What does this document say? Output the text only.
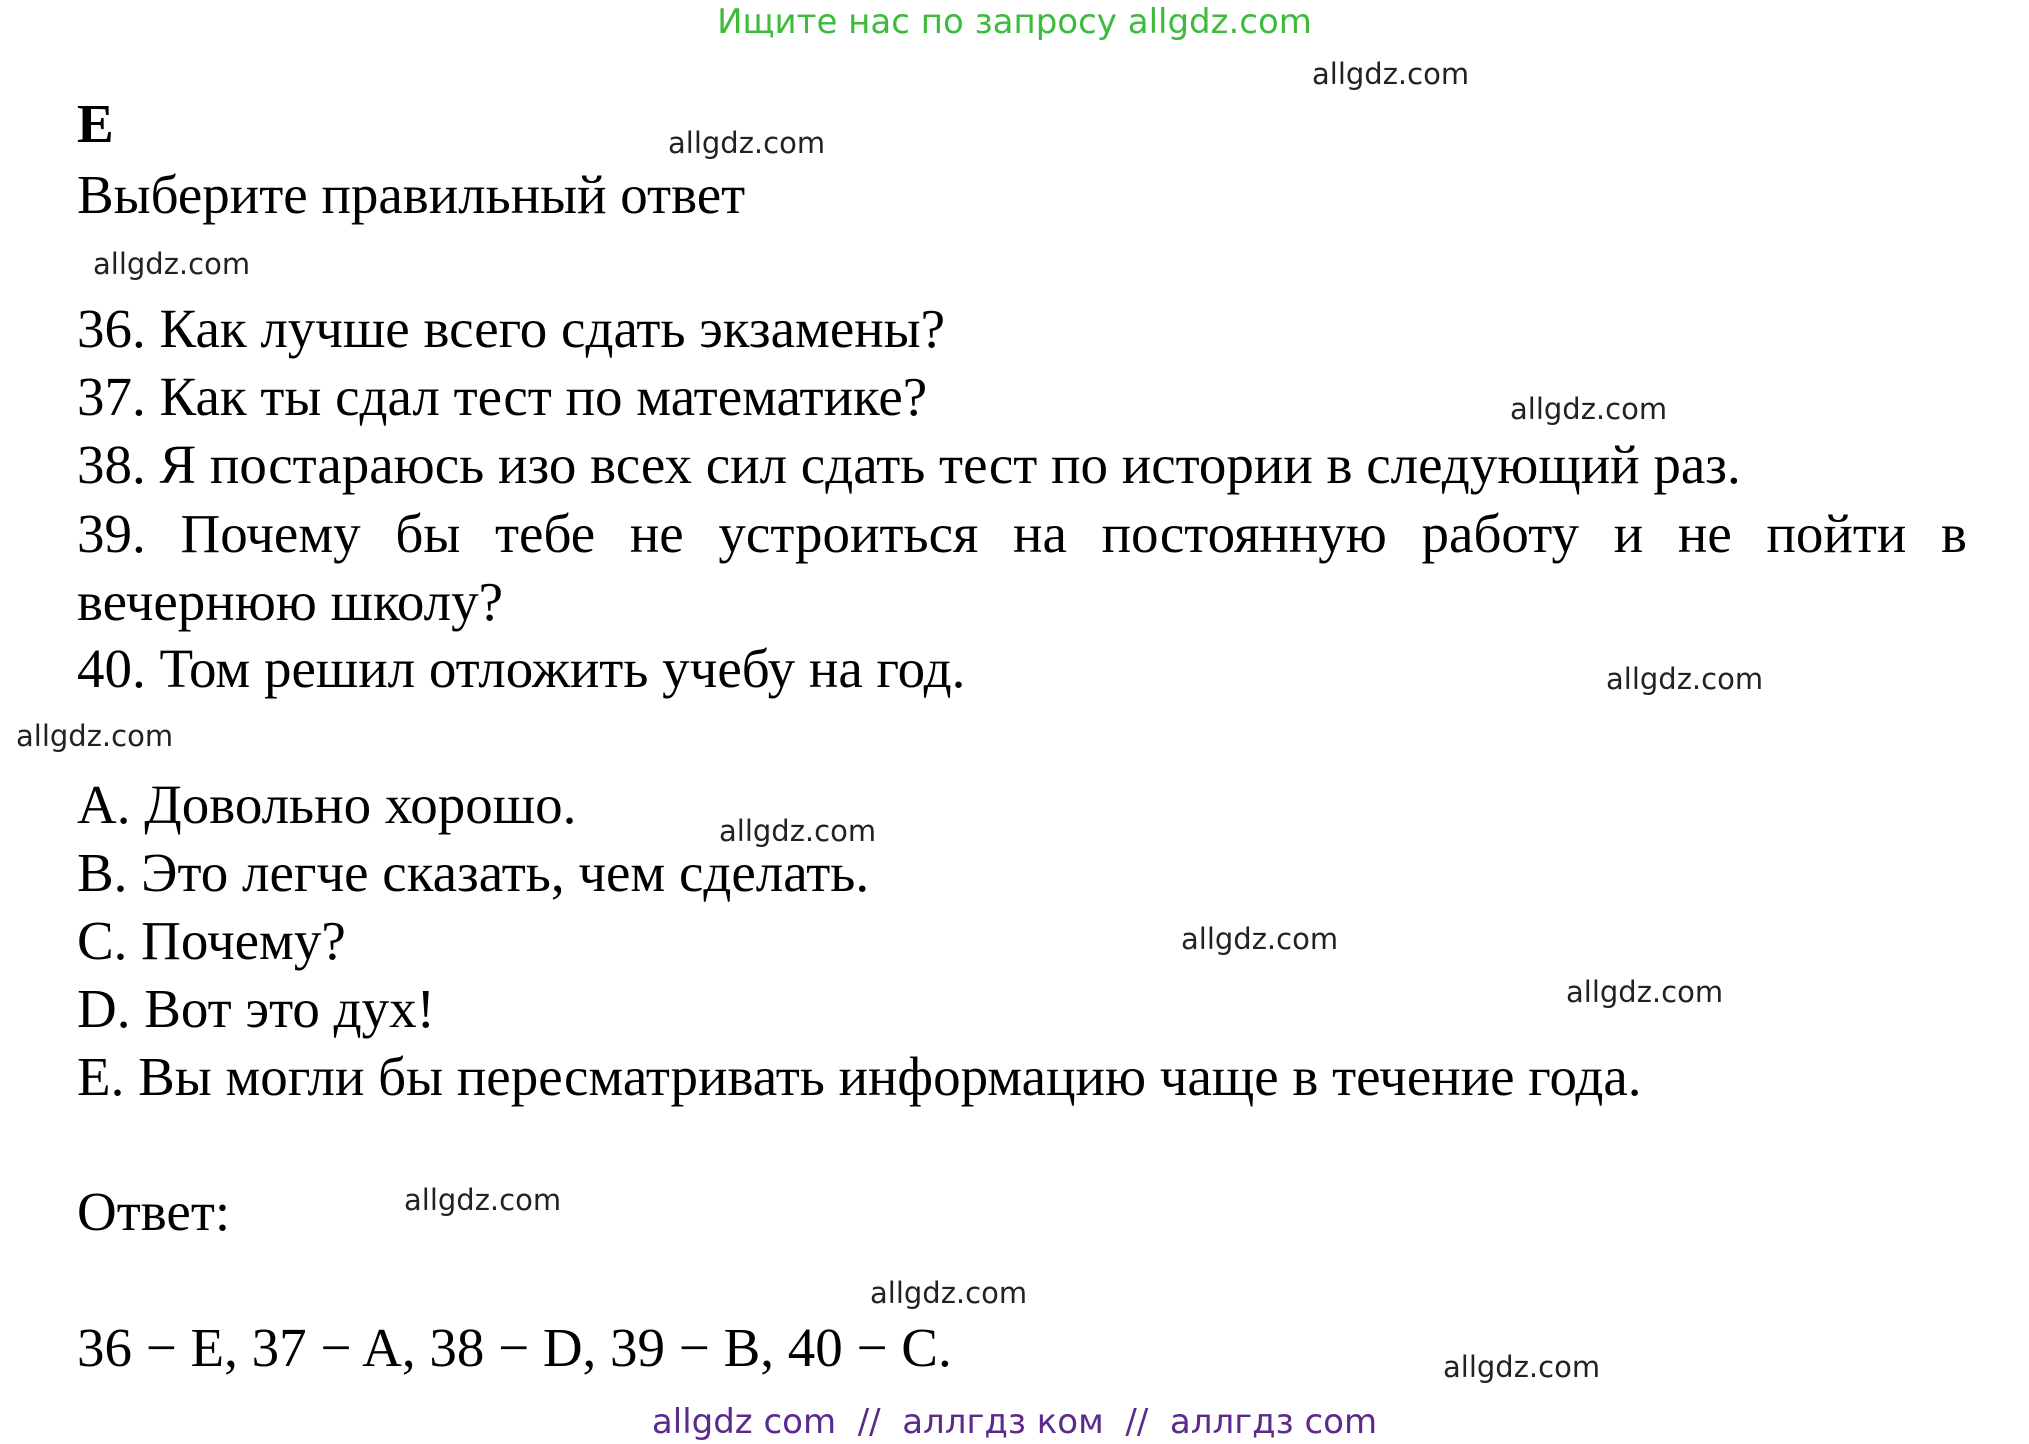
Ищите нас по запросу allgdz.com
allgdz.com
allgdz.com
allgdz.com
allgdz.com
allgdz.com
allgdz.com
allgdz.com
allgdz.com
allgdz.com
allgdz.com
allgdz.com
allgdz.com
E
Выберите правильный ответ
36. Как лучше всего сдать экзамены?
37. Как ты сдал тест по математике?
38. Я постараюсь изо всех сил сдать тест по истории в следующий раз.
39. Почему бы тебе не устроиться на постоянную работу и не пойти в вечернюю школу?
40. Том решил отложить учебу на год.
A. Довольно хорошо.
B. Это легче сказать, чем сделать.
C. Почему?
D. Вот это дух!
E. Вы могли бы пересматривать информацию чаще в течение года.
Ответ:
36 − E, 37 − A, 38 − D, 39 − B, 40 − C.
allgdz com  //  аллгдз ком  //  аллгдз com
